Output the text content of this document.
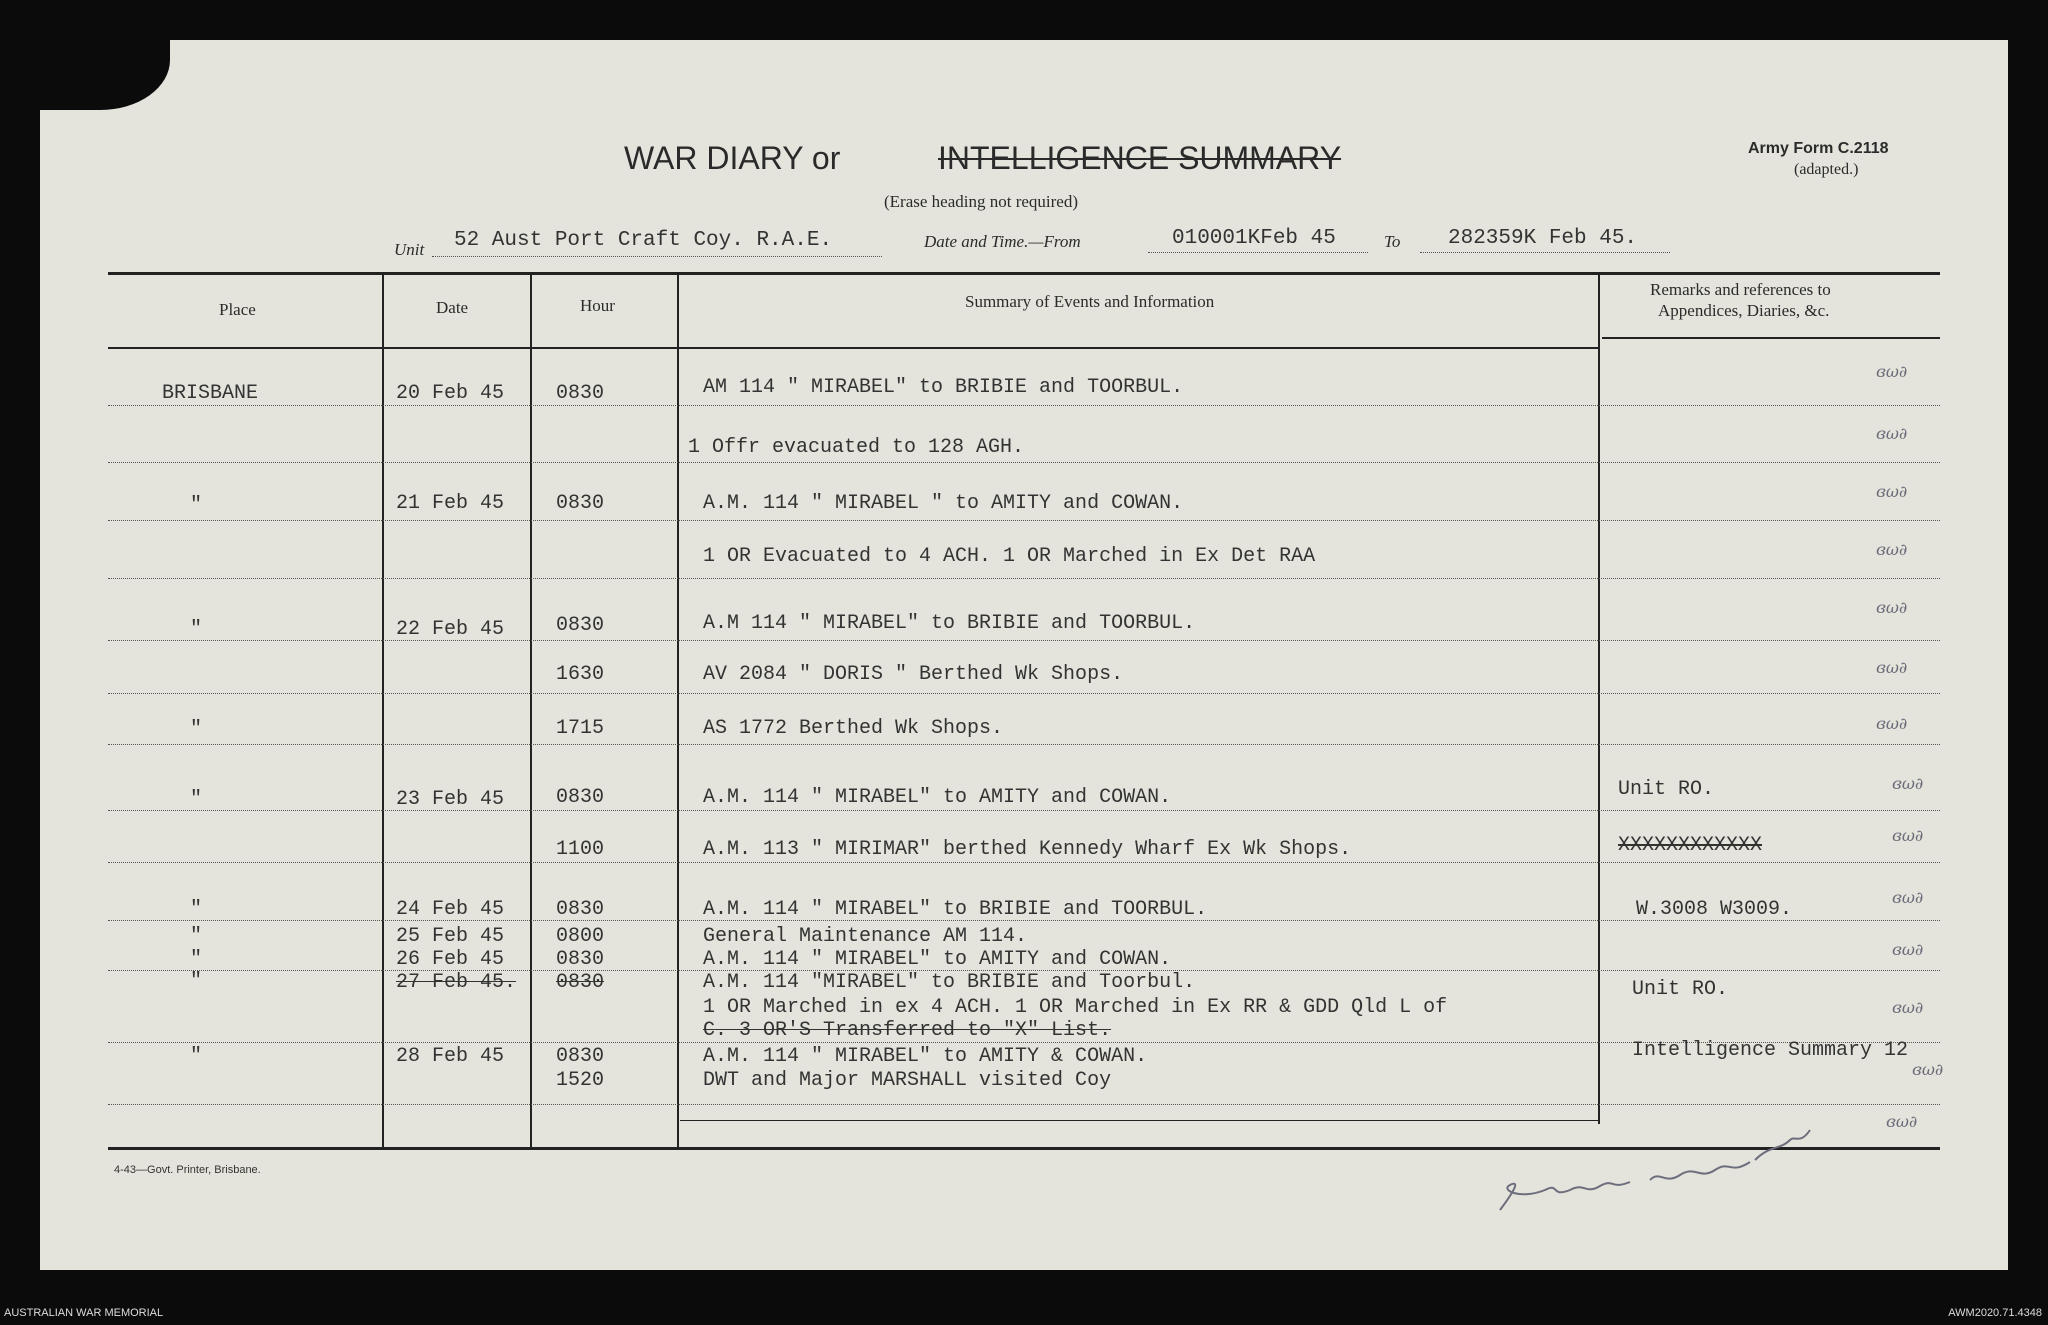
WAR DIARY or	INTELLIGENCE SUMMARY
(Erase heading not required)
Army Form C.2118
(adapted.)
Unit 52 Aust Port Craft Coy. R.A.E.	Date and Time.—From	010001KFeb 45	To 282359K Feb 45.
Place	Date	Hour	Summary of Events and Information
Remarks and references to
Appendices, Diaries, &c.
BRISBANE	20 Feb 45	0830	AM 114 " MIRABEL" to BRIBIE and TOORBUL.
1 Offr evacuated to 128 AGH.
"	21 Feb 45	0830	A.M. 114 " MIRABEL " to AMITY and COWAN.
1 OR Evacuated to 4 ACH. 1 OR Marched in Ex Det RAA
"	22 Feb 45	0830	A.M 114 " MIRABEL" to BRIBIE and TOORBUL.
1630	AV 2084 " DORIS " Berthed Wk Shops.
"	1715	AS 1772 Berthed Wk Shops.
"	23 Feb 45	0830	A.M. 114 " MIRABEL" to AMITY and COWAN.	Unit RO.
1100	A.M. 113 " MIRIMAR" berthed Kennedy Wharf Ex Wk Shops.	XXXXXXXXXXXX
"	24 Feb 45	0830	A.M. 114 " MIRABEL" to BRIBIE and TOORBUL.	W.3008 W3009.
"	25 Feb 45	0800	General Maintenance AM 114.
"	26 Feb 45	0830	A.M. 114 " MIRABEL" to AMITY and COWAN.
"	27 Feb 45. 0830	A.M. 114 "MIRABEL" to BRIBIE and Toorbul.	Unit RO.
1 OR Marched in ex 4 ACH. 1 OR Marched in Ex RR & GDD Qld L of
C. 3 OR'S Transferred to "X" List.
"	28 Feb 45	0830	A.M. 114 " MIRABEL" to AMITY & COWAN.	Intelligence Summary 12
1520	DWT and Major MARSHALL visited Coy
ɞω∂
ɞω∂
ɞω∂
ɞω∂
ɞω∂
ɞω∂
ɞω∂
ɞω∂
ɞω∂
ɞω∂
ɞω∂
ɞω∂
ɞω∂
ɞω∂
4-43—Govt. Printer, Brisbane.
AUSTRALIAN WAR MEMORIAL	AWM2020.71.4348
